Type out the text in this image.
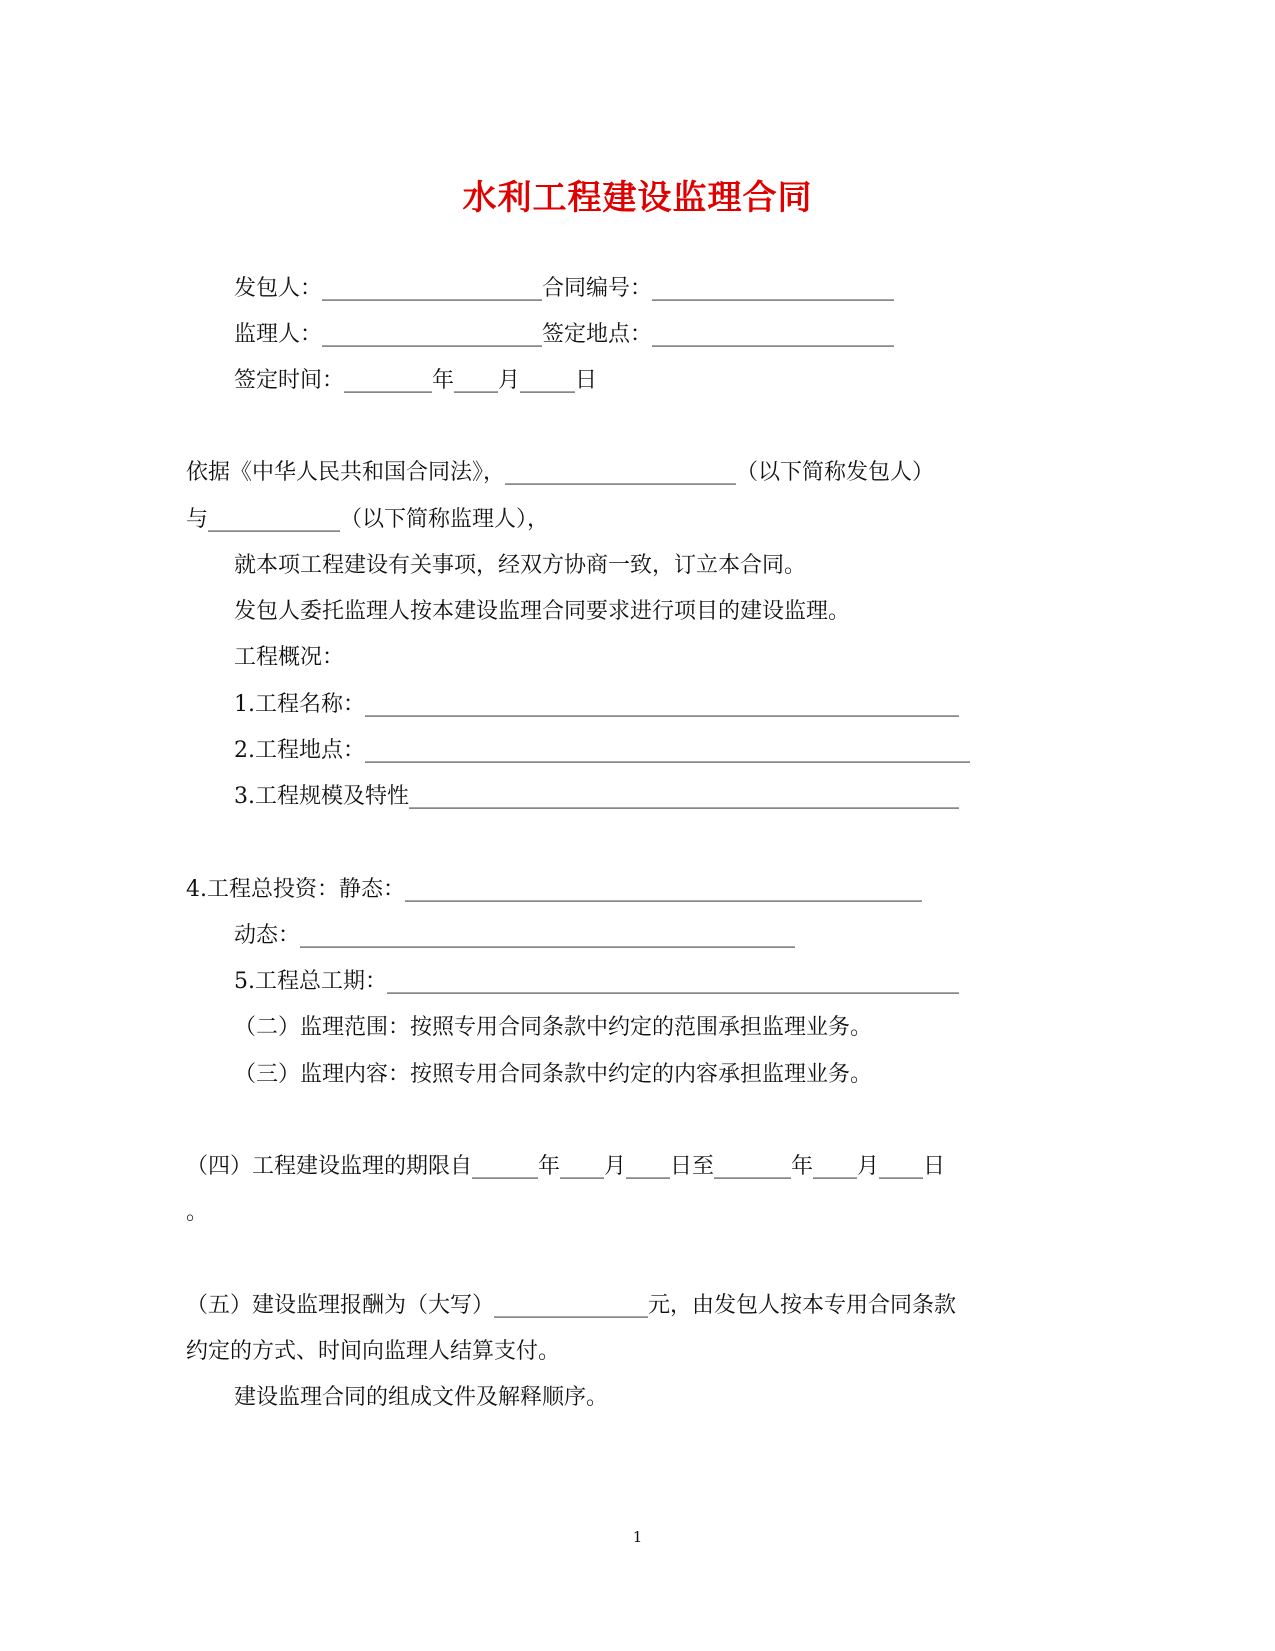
水利工程建设监理合同
发包人：____________________合同编号：______________________
监理人：____________________签定地点：______________________
签定时间：________年____月_____日
依据《中华人民共和国合同法》，_____________________（以下简称发包人）
与____________（以下简称监理人），
就本项工程建设有关事项，经双方协商一致，订立本合同。
发包人委托监理人按本建设监理合同要求进行项目的建设监理。
工程概况：
1.工程名称：______________________________________________________
2.工程地点：_______________________________________________________
3.工程规模及特性__________________________________________________
4.工程总投资：静态：_______________________________________________
动态：_____________________________________________
5.工程总工期：____________________________________________________
（二）监理范围：按照专用合同条款中约定的范围承担监理业务。
（三）监理内容：按照专用合同条款中约定的内容承担监理业务。
（四）工程建设监理的期限自______年____月____日至_______年____月____日
。
（五）建设监理报酬为（大写）______________元，由发包人按本专用合同条款
约定的方式、时间向监理人结算支付。
建设监理合同的组成文件及解释顺序。
1
